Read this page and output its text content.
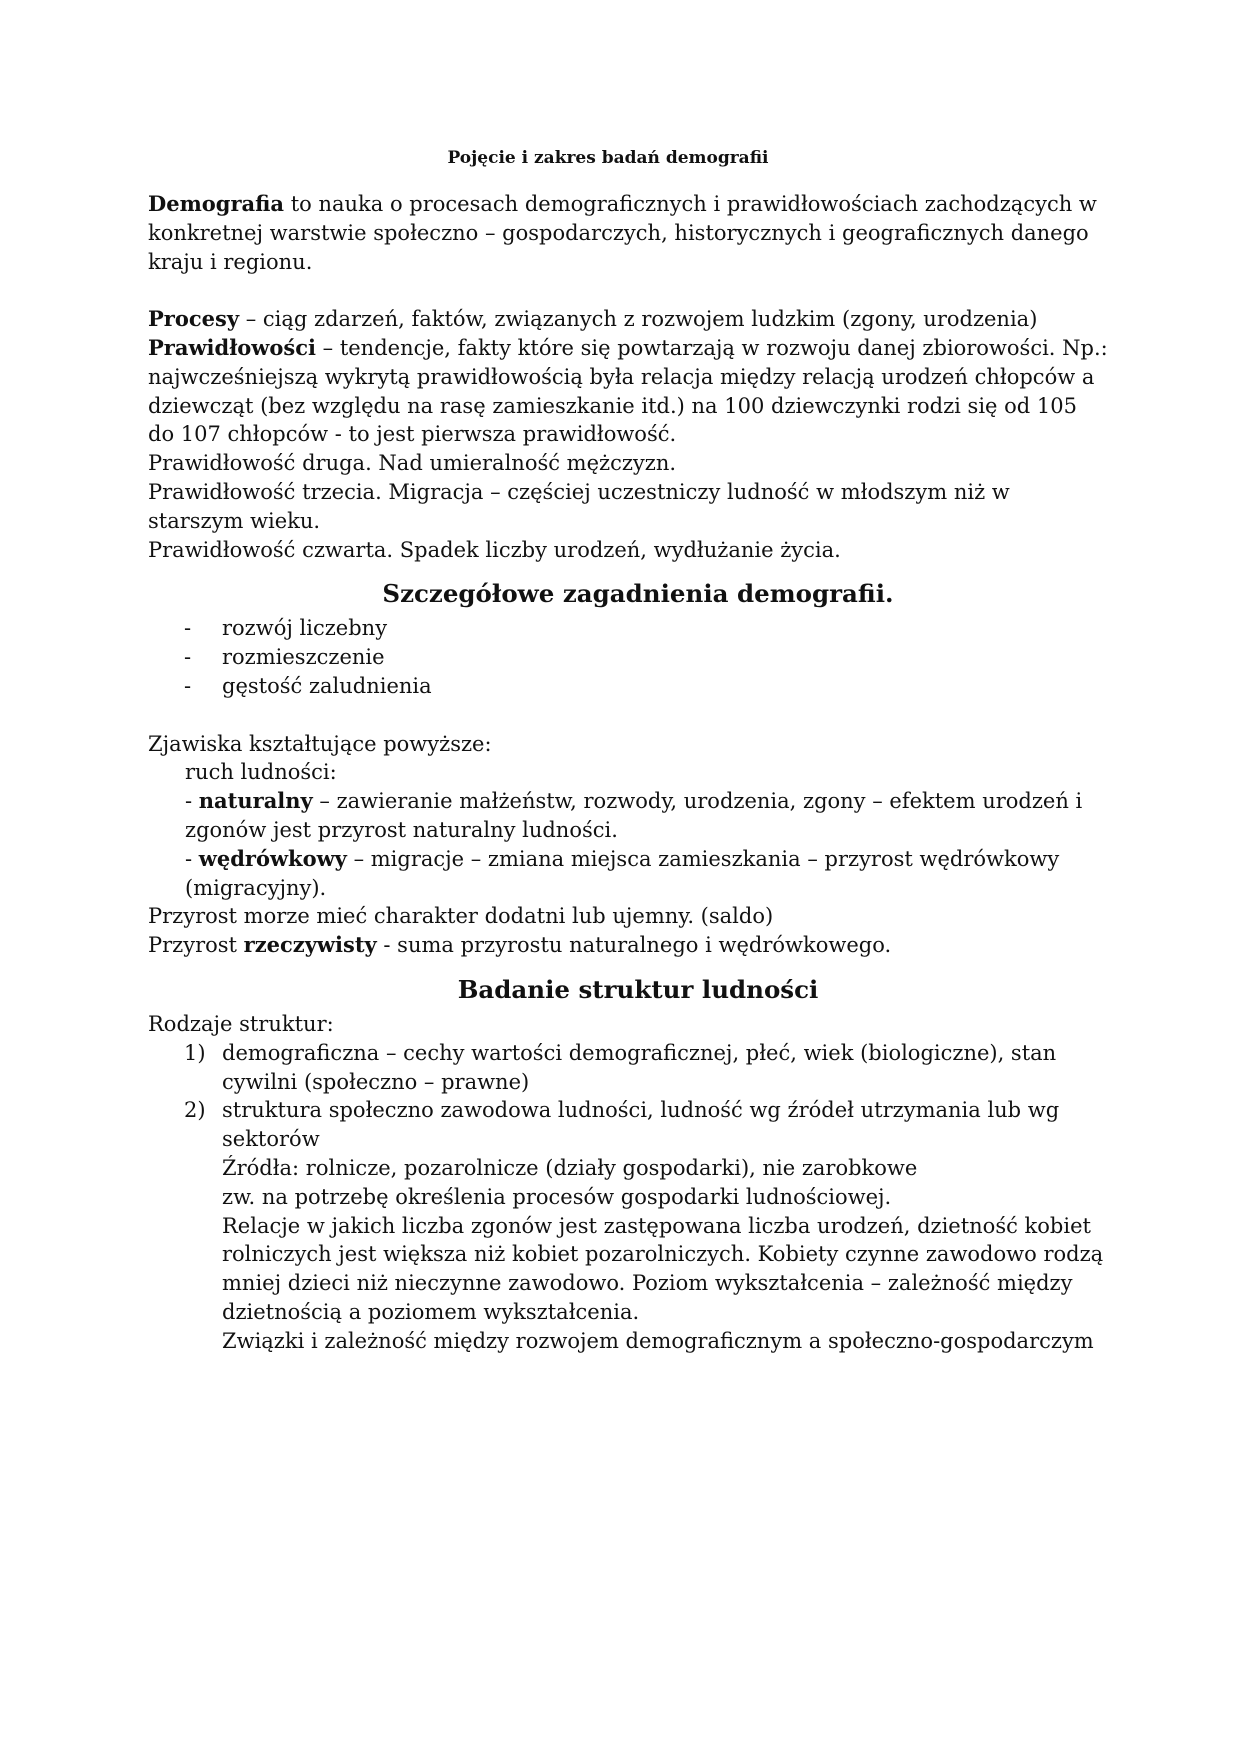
Pojęcie i zakres badań demografii

Demografia to nauka o procesach demograficznych i prawidłowościach zachodzących w konkretnej warstwie społeczno – gospodarczych, historycznych i geograficznych danego kraju i regionu.

Procesy – ciąg zdarzeń, faktów, związanych z rozwojem ludzkim (zgony, urodzenia)

Prawidłowości – tendencje, fakty które się powtarzają w rozwoju danej zbiorowości. Np.: najwcześniejszą wykrytą prawidłowością była relacja między relacją urodzeń chłopców a dziewcząt (bez względu na rasę zamieszkanie itd.) na 100 dziewczynki rodzi się od 105 do 107 chłopców - to jest pierwsza prawidłowość.

Prawidłowość druga. Nad umieralność mężczyzn.

Prawidłowość trzecia. Migracja – częściej uczestniczy ludność w młodszym niż w starszym wieku.

Prawidłowość czwarta. Spadek liczby urodzeń, wydłużanie życia.

Szczegółowe zagadnienia demografii.
- rozwój liczebny
- rozmieszczenie
- gęstość zaludnienia

Zjawiska kształtujące powyższe:

ruch ludności:

- naturalny – zawieranie małżeństw, rozwody, urodzenia, zgony – efektem urodzeń i zgonów jest przyrost naturalny ludności.

- wędrówkowy – migracje – zmiana miejsca zamieszkania – przyrost wędrówkowy (migracyjny).

Przyrost morze mieć charakter dodatni lub ujemny. (saldo)

Przyrost rzeczywisty - suma przyrostu naturalnego i wędrówkowego.

Badanie struktur ludności

Rodzaje struktur:

1) demograficzna – cechy wartości demograficznej, płeć, wiek (biologiczne), stan cywilni (społeczno – prawne)
2) struktura społeczno zawodowa ludności, ludność wg źródeł utrzymania lub wg sektorów

Źródła: rolnicze, pozarolnicze (działy gospodarki), nie zarobkowe

zw. na potrzebę określenia procesów gospodarki ludnościowej.

Relacje w jakich liczba zgonów jest zastępowana liczba urodzeń, dzietność kobiet rolniczych jest większa niż kobiet pozarolniczych. Kobiety czynne zawodowo rodzą mniej dzieci niż nieczynne zawodowo. Poziom wykształcenia – zależność między dzietnością a poziomem wykształcenia.

Związki i zależność między rozwojem demograficznym a społeczno-gospodarczym
